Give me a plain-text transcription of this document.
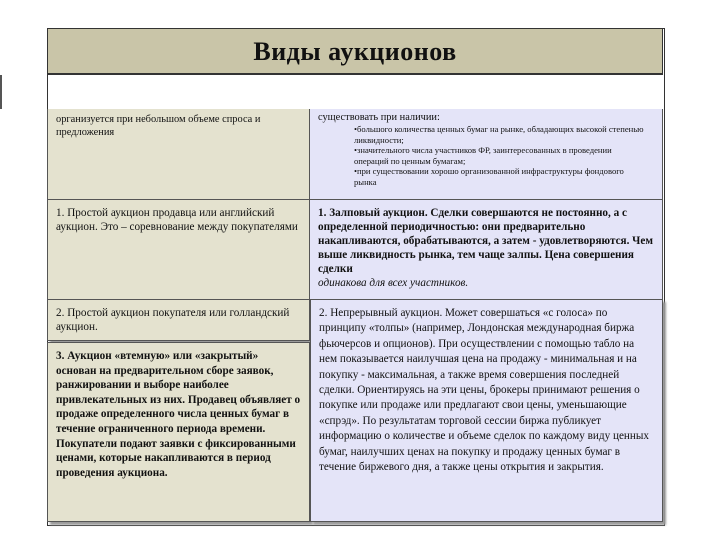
Виды аукционов
организуется при небольшом объеме спроса и предложения
существовать при наличии:
•большого количества ценных бумаг на рынке, обладающих высокой степенью ликвидности;
•значительного числа участников ФР, заинтересованных в проведении операций по ценным бумагам;
•при существовании хорошо организованной инфраструктуры фондового рынка
1. Простой аукцион продавца или английский аукцион. Это – соревнование между покупателями
1. Залповый аукцион. Сделки совершаются не постоянно, а с определенной периодичностью: они предварительно накапливаются, обрабатываются, а затем - удовлетворяются. Чем выше ликвидность рынка, тем чаще залпы. Цена совершения сделки
одинакова для всех участников.
2. Простой аукцион покупателя или голландский аукцион.
3. Аукцион «втемную» или «закрытый» основан на предварительном сборе заявок, ранжировании и выборе наиболее привлекательных из них. Продавец объявляет о продаже определенного числа ценных бумаг в течение ограниченного периода времени. Покупатели подают заявки с фиксированными ценами, которые накапливаются в период проведения аукциона.
2. Непрерывный аукцион. Может совершаться «с голоса» по принципу «толпы» (например, Лондонская международная биржа фьючерсов и опционов). При осуществлении с помощью табло на нем показывается наилучшая цена на продажу - минимальная и на покупку - максимальная, а также время совершения последней сделки. Ориентируясь на эти цены, брокеры принимают решения о покупке или продаже или предлагают свои цены, уменьшающие «спрэд». По результатам торговой сессии биржа публикует информацию о количестве и объеме сделок по каждому виду ценных бумаг, наилучших ценах на покупку и продажу ценных бумаг в течение биржевого дня, а также цены открытия и закрытия.
